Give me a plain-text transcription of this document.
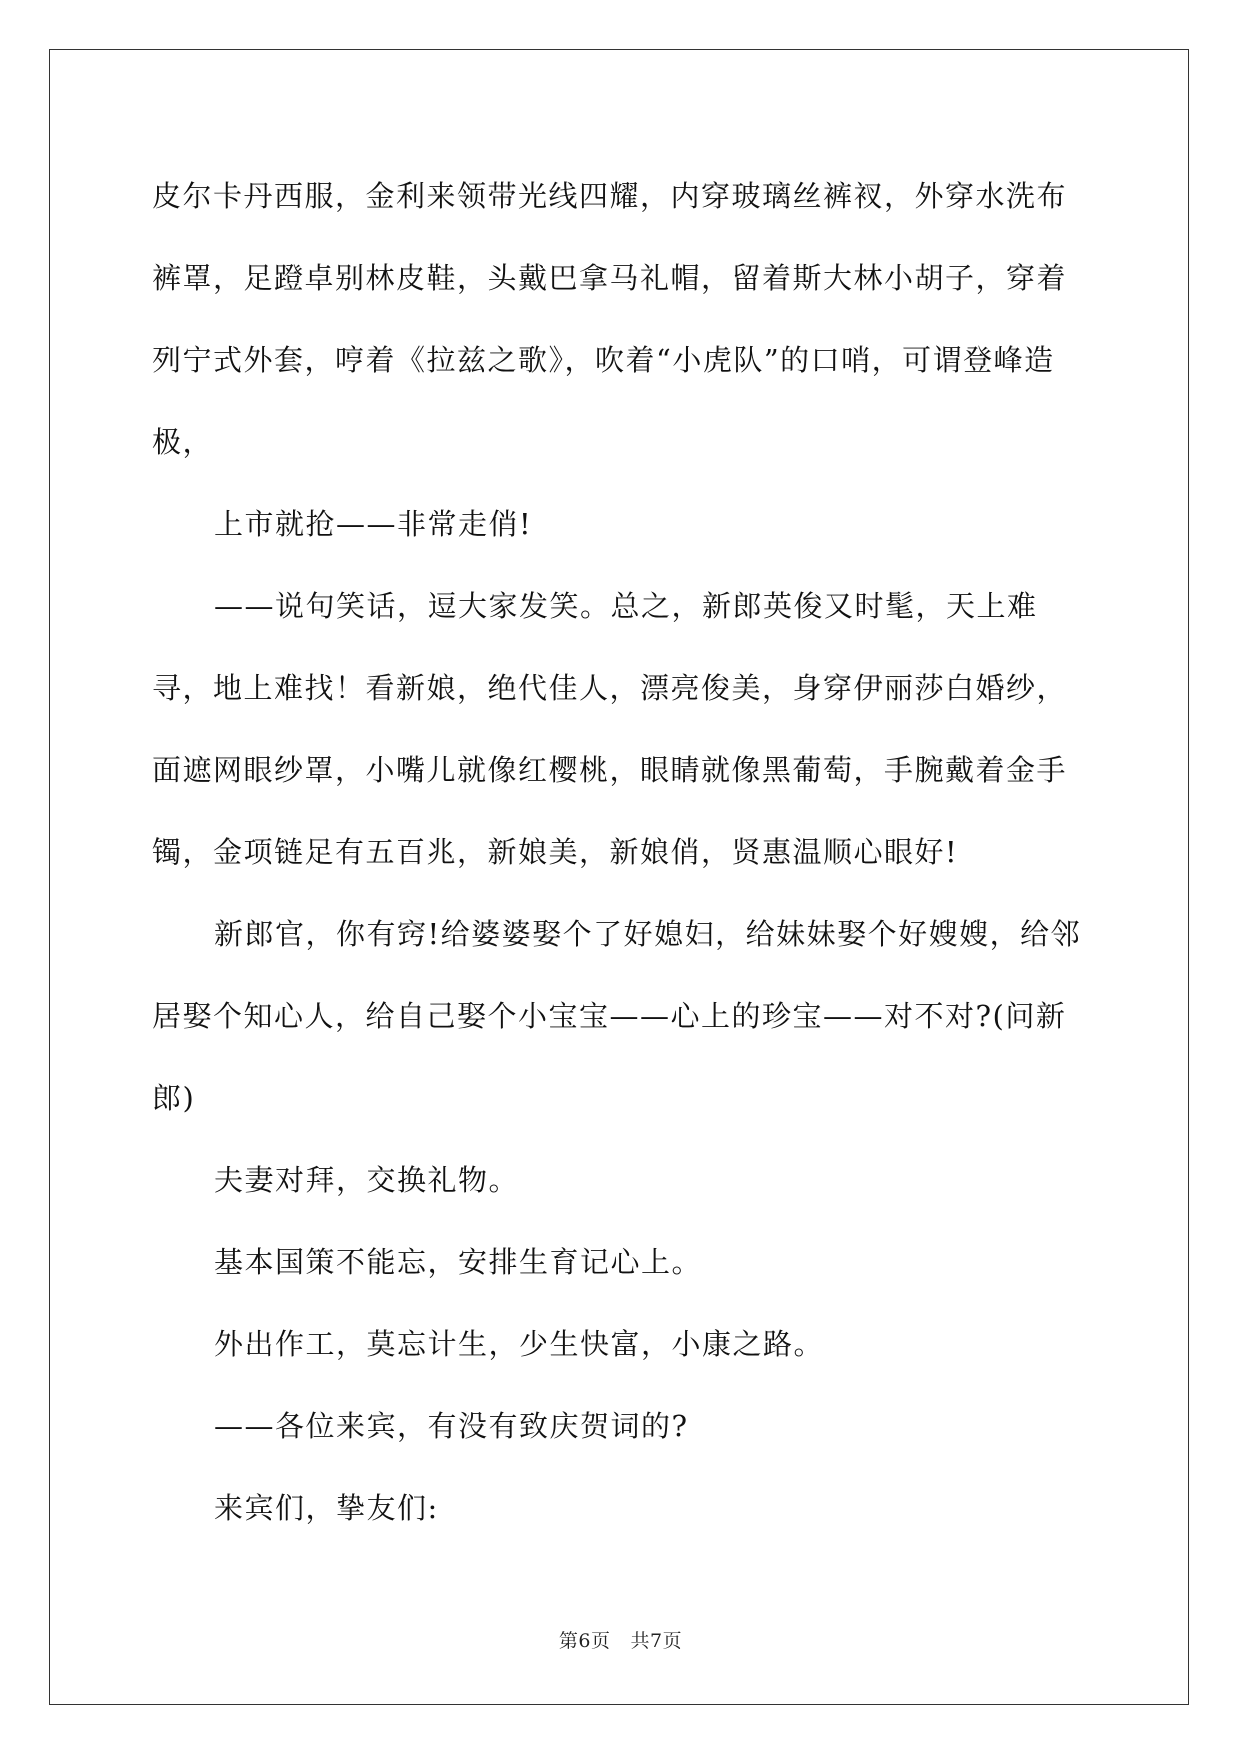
皮尔卡丹西服，金利来领带光线四耀，内穿玻璃丝裤衩，外穿水洗布裤罩，足蹬卓别林皮鞋，头戴巴拿马礼帽，留着斯大林小胡子，穿着列宁式外套，哼着《拉兹之歌》，吹着“小虎队”的口哨，可谓登峰造极，

上市就抢——非常走俏!

——说句笑话，逗大家发笑。总之，新郎英俊又时髦，天上难寻，地上难找！看新娘，绝代佳人，漂亮俊美，身穿伊丽莎白婚纱， 面遮网眼纱罩，小嘴儿就像红樱桃，眼睛就像黑葡萄，手腕戴着金手镯，金项链足有五百兆，新娘美，新娘俏，贤惠温顺心眼好!

新郎官，你有窍!给婆婆娶个了好媳妇，给妹妹娶个好嫂嫂，给邻居娶个知心人，给自己娶个小宝宝——心上的珍宝——对不对?(问新郎)

夫妻对拜，交换礼物。

基本国策不能忘，安排生育记心上。

外出作工，莫忘计生，少生快富，小康之路。

——各位来宾，有没有致庆贺词的?

来宾们，挚友们:

第6页 共7页
